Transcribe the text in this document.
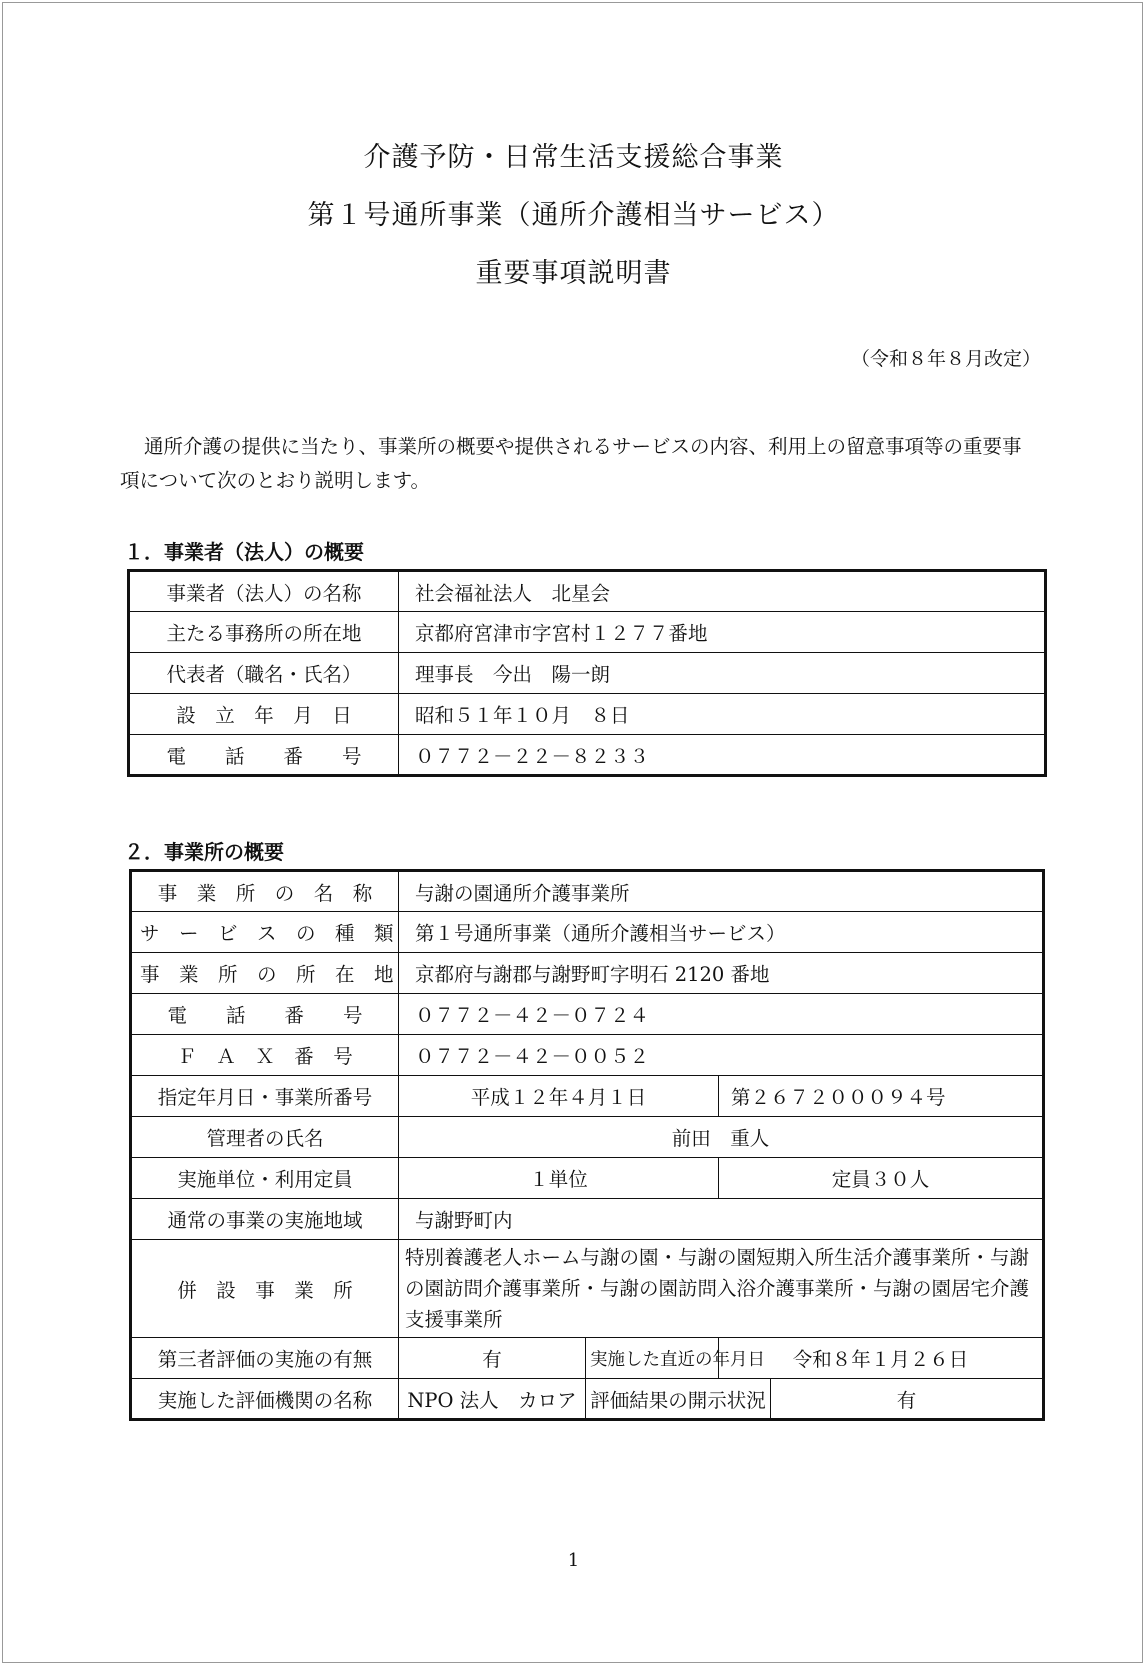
介護予防・日常生活支援総合事業
第１号通所事業（通所介護相当サービス）
重要事項説明書
（令和８年８月改定）
通所介護の提供に当たり、事業所の概要や提供されるサービスの内容、利用上の留意事項等の重要事項について次のとおり説明します。
１．事業者（法人）の概要
事業者（法人）の名称	社会福祉法人　北星会
主たる事務所の所在地	京都府宮津市字宮村１２７７番地
代表者（職名・氏名）	理事長　今出　陽一朗
設　立　年　月　日	昭和５１年１０月　８日
電　　話　　番　　号	０７７２－２２－８２３３
２．事業所の概要
事　業　所　の　名　称	与謝の園通所介護事業所			
サ　ー　ビ　ス　の　種　類	第１号通所事業（通所介護相当サービス）			
事　業　所　の　所　在　地	京都府与謝郡与謝野町字明石 2120 番地			
電　　話　　番　　号	０７７２－４２－０７２４			
Ｆ　Ａ　Ｘ　番　号	０７７２－４２－００５２			
指定年月日・事業所番号	平成１２年４月１日		第２６７２０００９４号	
管理者の氏名	前田　重人			
実施単位・利用定員	１単位		定員３０人	
通常の事業の実施地域	与謝野町内			
併　設　事　業　所	特別養護老人ホーム与謝の園・与謝の園短期入所生活介護事業所・与謝の園訪問介護事業所・与謝の園訪問入浴介護事業所・与謝の園居宅介護支援事業所			
第三者評価の実施の有無	有	実施した直近の年月日	令和８年１月２６日	
実施した評価機関の名称	NPO 法人　カロア	評価結果の開示状況		有
1
